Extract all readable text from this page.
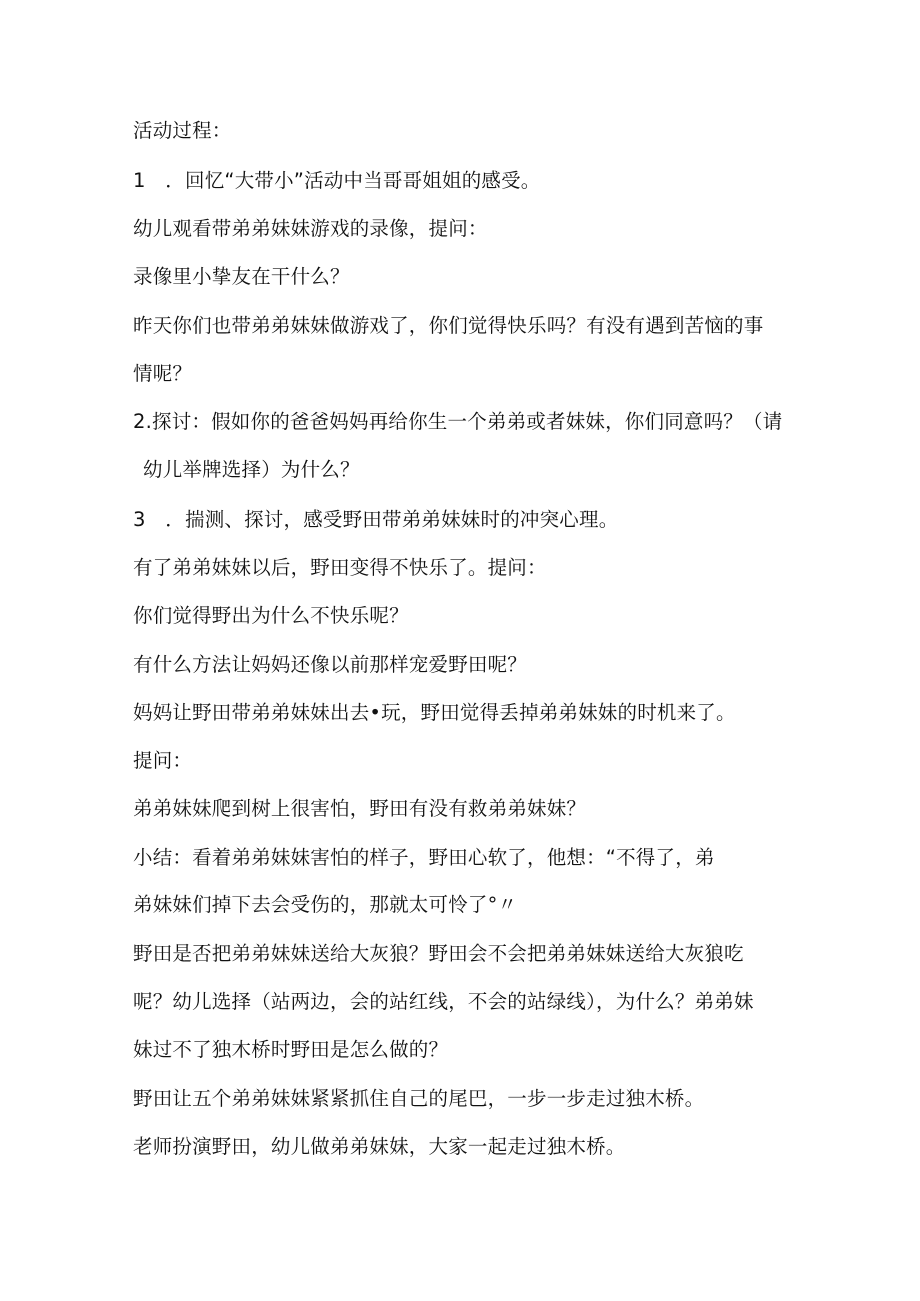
活动过程：
1　．回忆“大带小”活动中当哥哥姐姐的感受。
幼儿观看带弟弟妹妹游戏的录像，提问：
录像里小挚友在干什么？
昨天你们也带弟弟妹妹做游戏了，你们觉得快乐吗？有没有遇到苦恼的事
情呢？
2.探讨：假如你的爸爸妈妈再给你生一个弟弟或者妹妹，你们同意吗？（请
幼儿举牌选择）为什么？
3　．揣测、探讨，感受野田带弟弟妹妹时的冲突心理。
有了弟弟妹妹以后，野田变得不快乐了。提问：
你们觉得野出为什么不快乐呢？
有什么方法让妈妈还像以前那样宠爱野田呢？
妈妈让野田带弟弟妹妹出去•玩，野田觉得丢掉弟弟妹妹的时机来了。
提问：
弟弟妹妹爬到树上很害怕，野田有没有救弟弟妹妹？
小结：看着弟弟妹妹害怕的样子，野田心软了，他想：“不得了，弟
弟妹妹们掉下去会受伤的，那就太可怜了°〃
野田是否把弟弟妹妹送给大灰狼？野田会不会把弟弟妹妹送给大灰狼吃
呢？幼儿选择（站两边，会的站红线，不会的站绿线），为什么？弟弟妹
妹过不了独木桥时野田是怎么做的？
野田让五个弟弟妹妹紧紧抓住自己的尾巴，一步一步走过独木桥。
老师扮演野田，幼儿做弟弟妹妹，大家一起走过独木桥。
